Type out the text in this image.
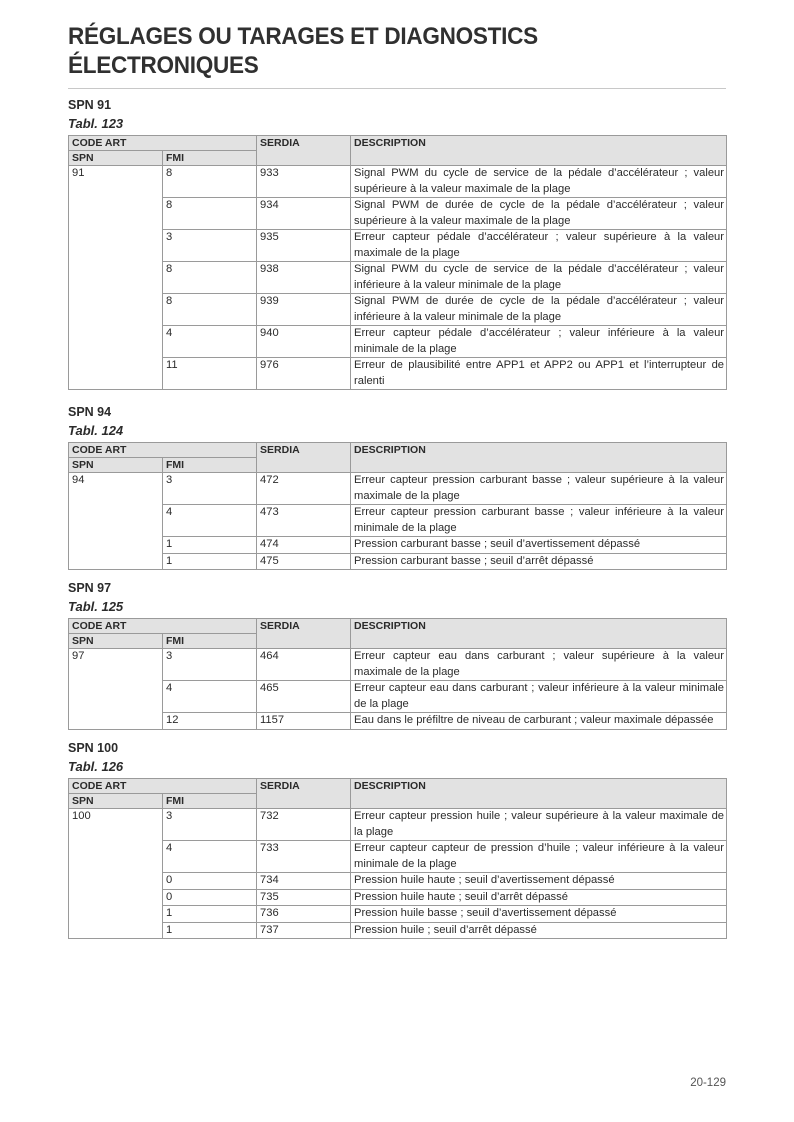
RÉGLAGES OU TARAGES ET DIAGNOSTICS
ÉLECTRONIQUES
SPN 91
Tabl. 123
CODE ART		SERDIA	DESCRIPTION
SPN	FMI		
91	8	933	Signal PWM du cycle de service de la pédale d’accélérateur ; valeur supérieure à la valeur maximale de la plage
	8	934	Signal PWM de durée de cycle de la pédale d’accélérateur ; valeur supérieure à la valeur maximale de la plage
	3	935	Erreur capteur pédale d’accélérateur ; valeur supérieure à la valeur maximale de la plage
	8	938	Signal PWM du cycle de service de la pédale d’accélérateur ; valeur inférieure à la valeur minimale de la plage
	8	939	Signal PWM de durée de cycle de la pédale d’accélérateur ; valeur inférieure à la valeur minimale de la plage
	4	940	Erreur capteur pédale d’accélérateur ; valeur inférieure à la valeur minimale de la plage
	11	976	Erreur de plausibilité entre APP1 et APP2 ou APP1 et l’interrupteur de ralenti
SPN 94
Tabl. 124
CODE ART		SERDIA	DESCRIPTION
SPN	FMI		
94	3	472	Erreur capteur pression carburant basse ; valeur supérieure à la valeur maximale de la plage
	4	473	Erreur capteur pression carburant basse ; valeur inférieure à la valeur minimale de la plage
	1	474	Pression carburant basse ; seuil d’avertissement dépassé
	1	475	Pression carburant basse ; seuil d’arrêt dépassé
SPN 97
Tabl. 125
CODE ART		SERDIA	DESCRIPTION
SPN	FMI		
97	3	464	Erreur capteur eau dans carburant ; valeur supérieure à la valeur maximale de la plage
	4	465	Erreur capteur eau dans carburant ; valeur inférieure à la valeur minimale de la plage
	12	1157	Eau dans le préfiltre de niveau de carburant ; valeur maximale dépassée
SPN 100
Tabl. 126
CODE ART		SERDIA	DESCRIPTION
SPN	FMI		
100	3	732	Erreur capteur pression huile ; valeur supérieure à la valeur maximale de la plage
	4	733	Erreur capteur capteur de pression d’huile ; valeur inférieure à la valeur minimale de la plage
	0	734	Pression huile haute ; seuil d’avertissement dépassé
	0	735	Pression huile haute ; seuil d’arrêt dépassé
	1	736	Pression huile basse ; seuil d’avertissement dépassé
	1	737	Pression huile ; seuil d’arrêt dépassé
20-129
